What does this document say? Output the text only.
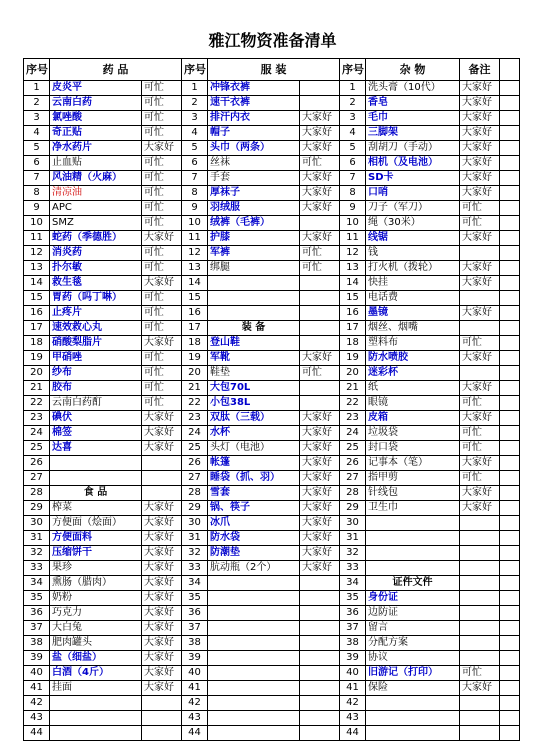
雅江物资准备清单
序号	药 品		序号	服 装		序号	杂 物	备注	
1	皮炎平	可忙	1	冲锋衣裤		1	洗头膏（10代）	大家好	
2	云南白药	可忙	2	速干衣裤		2	香皂	大家好	
3	氯唑酸	可忙	3	排汗内衣	大家好	3	毛巾	大家好	
4	奇正贴	可忙	4	帽子	大家好	4	三脚架	大家好	
5	净水药片	大家好	5	头巾（两条）	大家好	5	刮胡刀（手动）	大家好	
6	止血贴	可忙	6	丝袜	可忙	6	相机（及电池）	大家好	
7	风油精（火麻）	可忙	7	手套	大家好	7	SD卡	大家好	
8	清凉油	可忙	8	厚袜子	大家好	8	口哨	大家好	
9	APC	可忙	9	羽绒服	大家好	9	刀子（军刀）	可忙	
10	SMZ	可忙	10	绒裤（毛裤）		10	绳（30米）	可忙	
11	蛇药（季德胜）	大家好	11	护膝	大家好	11	线锯	大家好	
12	消炎药	可忙	12	军裤	可忙	12	钱		
13	扑尔敏	可忙	13	绑腿	可忙	13	打火机（拨轮）	大家好	
14	救生毯	大家好	14			14	快挂	大家好	
15	胃药（吗丁啉）	可忙	15			15	电话费		
16	止疼片	可忙	16			16	墨镜	大家好	
17	速效救心丸	可忙	17	装 备		17	烟丝、烟嘴		
18	硝酸梨脂片	大家好	18	登山鞋		18	塑料布	可忙	
19	甲硝唑	可忙	19	军靴	大家好	19	防水喷胶	大家好	
20	纱布	可忙	20	鞋垫	可忙	20	迷彩杯		
21	胶布	可忙	21	大包70L		21	纸	大家好	
22	云南白药酊	可忙	22	小包38L		22	眼镜	可忙	
23	碘伏	大家好	23	双肽（三载）	大家好	23	皮箱	大家好	
24	棉签	大家好	24	水杯	大家好	24	垃圾袋	可忙	
25	达喜	大家好	25	头灯（电池）	大家好	25	封口袋	可忙	
26			26	帐篷	大家好	26	记事本（笔）	大家好	
27			27	睡袋（抓、羽）	大家好	27	指甲剪	可忙	
28	食 品		28	雪套	大家好	28	针线包	大家好	
29	榨菜	大家好	29	锅、筷子	大家好	29	卫生巾	大家好	
30	方便面（烩面）	大家好	30	冰爪	大家好	30			
31	方便面料	大家好	31	防水袋	大家好	31			
32	压缩饼干	大家好	32	防潮垫	大家好	32			
33	果珍	大家好	33	肮动瓶（2个）	大家好	33			
34	熏肠（腊肉）	大家好	34			34	证件文件		
35	奶粉	大家好	35			35	身份证		
36	巧克力	大家好	36			36	边防证		
37	大白兔	大家好	37			37	留言		
38	肥肉罐头	大家好	38			38	分配方案		
39	盐（细盐）	大家好	39			39	协议		
40	白酒（4斤）	大家好	40			40	旧游记（打印）	可忙	
41	挂面	大家好	41			41	保险	大家好	
42			42			42			
43			43			43			
44			44			44			
